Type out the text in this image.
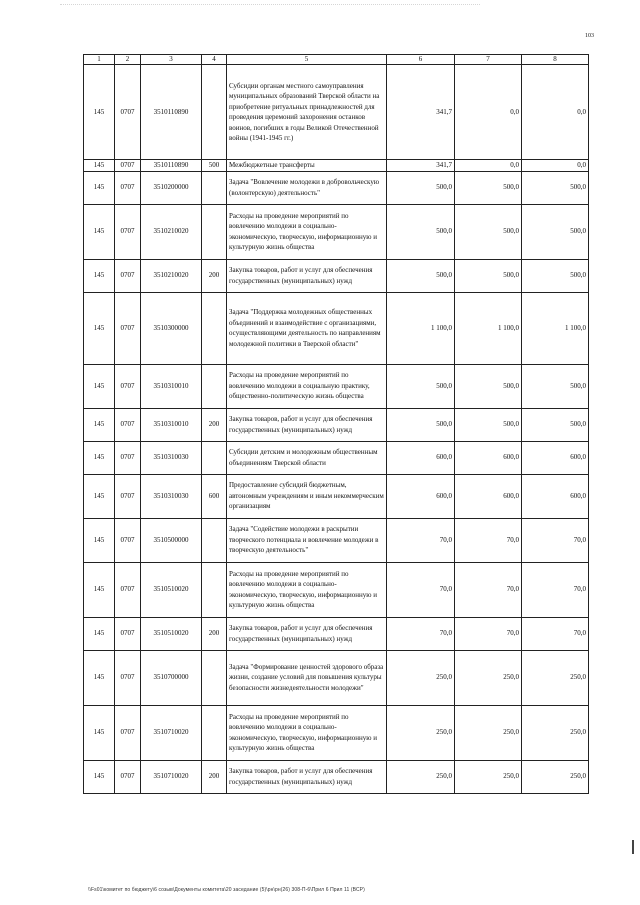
103
1	2	3	4	5	6	7	8
145	0707	3510110890		Субсидии органам местного самоуправления муниципальных образований Тверской области на приобретение ритуальных принадлежностей для проведения церемоний захоронения останков воинов, погибших в годы Великой Отечественной войны (1941-1945 гг.)	341,7	0,0	0,0
145	0707	3510110890	500	Межбюджетные трансферты	341,7	0,0	0,0
145	0707	3510200000		Задача "Вовлечение молодежи в добровольческую (волонтерскую) деятельность"	500,0	500,0	500,0
145	0707	3510210020		Расходы на проведение мероприятий по вовлечению молодежи в социально-экономическую, творческую, информационную и культурную жизнь общества	500,0	500,0	500,0
145	0707	3510210020	200	Закупка товаров, работ и услуг для обеспечения государственных (муниципальных) нужд	500,0	500,0	500,0
145	0707	3510300000		Задача "Поддержка молодежных общественных объединений и взаимодействие с организациями, осуществляющими деятельность по направлениям молодежной политики в Тверской области"	1 100,0	1 100,0	1 100,0
145	0707	3510310010		Расходы на проведение мероприятий по вовлечению молодежи в социальную практику, общественно-политическую жизнь общества	500,0	500,0	500,0
145	0707	3510310010	200	Закупка товаров, работ и услуг для обеспечения государственных (муниципальных) нужд	500,0	500,0	500,0
145	0707	3510310030		Субсидии детским и молодежным общественным объединениям Тверской области	600,0	600,0	600,0
145	0707	3510310030	600	Предоставление субсидий бюджетным, автономным учреждениям и иным некоммерческим организациям	600,0	600,0	600,0
145	0707	3510500000		Задача "Содействие молодежи в раскрытии творческого потенциала и вовлечение молодежи в творческую деятельность"	70,0	70,0	70,0
145	0707	3510510020		Расходы на проведение мероприятий по вовлечению молодежи в социально-экономическую, творческую, информационную и культурную жизнь общества	70,0	70,0	70,0
145	0707	3510510020	200	Закупка товаров, работ и услуг для обеспечения государственных (муниципальных) нужд	70,0	70,0	70,0
145	0707	3510700000		Задача "Формирование ценностей здорового образа жизни, создание условий для повышения культуры безопасности жизнедеятельности молодежи"	250,0	250,0	250,0
145	0707	3510710020		Расходы на проведение мероприятий по вовлечению молодежи в социально-экономическую, творческую, информационную и культурную жизнь общества	250,0	250,0	250,0
145	0707	3510710020	200	Закупка товаров, работ и услуг для обеспечения государственных (муниципальных) нужд	250,0	250,0	250,0
\\Fs01\комитет по бюджету\6 созыв\Документы комитета\20 заседание (5)\рн\рн(26) 308-П-6\Прил 6 Прил 11 (ВСР)
